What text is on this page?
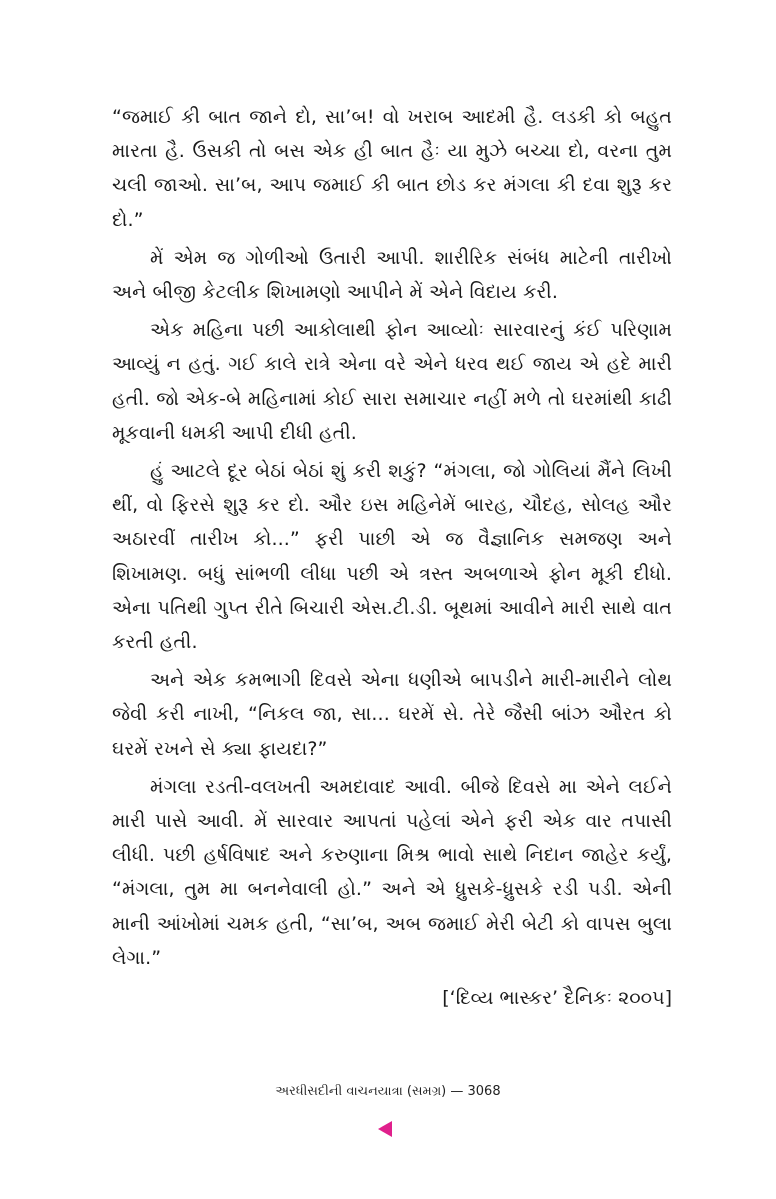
“જમાઈ કી બાત જાને દો, સા’બ! વો ખરાબ આદમી હૈ. લડકી કો બહુત મારતા હૈ. ઉસકી તો બસ એક હી બાત હૈઃ યા મુઝે બચ્ચા દો, વરના તુમ ચલી જાઓ. સા’બ, આપ જમાઈ કી બાત છોડ કર મંગલા કી દવા શુરૂ કર દો.”

મેં એમ જ ગોળીઓ ઉતારી આપી. શારીરિક સંબંધ માટેની તારીખો અને બીજી કેટલીક શિખામણો આપીને મેં એને વિદાય કરી.

એક મહિના પછી આકોલાથી ફોન આવ્યોઃ સારવારનું કંઈ પરિણામ આવ્યું ન હતું. ગઈ કાલે રાત્રે એના વરે એને ધરવ થઈ જાય એ હદે મારી હતી. જો એક-બે મહિનામાં કોઈ સારા સમાચાર નહીં મળે તો ઘરમાંથી કાઢી મૂકવાની ધમકી આપી દીધી હતી.

હું આટલે દૂર બેઠાં બેઠાં શું કરી શકું? “મંગલા, જો ગોલિયાં મૈંને લિખી થીં, વો ફિરસે શુરૂ કર દો. ઔર ઇસ મહિનેમેં બારહ, ચૌદહ, સોલહ ઔર અઠારવીં તારીખ કો...” ફરી પાછી એ જ વૈજ્ઞાનિક સમજણ અને શિખામણ. બધું સાંભળી લીધા પછી એ ત્રસ્ત અબળાએ ફોન મૂકી દીધો. એના પતિથી ગુપ્ત રીતે બિચારી એસ.ટી.ડી. બૂથમાં આવીને મારી સાથે વાત કરતી હતી.

અને એક કમભાગી દિવસે એના ધણીએ બાપડીને મારી-મારીને લોથ જેવી કરી નાખી, “નિકલ જા, સા... ઘરમેં સે. તેરે જૈસી બાંઝ ઔરત કો ઘરમેં રખને સે ક્યા ફાયદા?”

મંગલા રડતી-વલખતી અમદાવાદ આવી. બીજે દિવસે મા એને લઈને મારી પાસે આવી. મેં સારવાર આપતાં પહેલાં એને ફરી એક વાર તપાસી લીધી. પછી હર્ષવિષાદ અને કરુણાના મિશ્ર ભાવો સાથે નિદાન જાહેર કર્યું, “મંગલા, તુમ મા બનનેવાલી હો.” અને એ ધ્રુસકે-ધ્રુસકે રડી પડી. એની માની આંખોમાં ચમક હતી, “સા’બ, અબ જમાઈ મેરી બેટી કો વાપસ બુલા લેગા.”

[‘દિવ્ય ભાસ્કર’ દૈનિકઃ ૨૦૦૫]
અરધીસદીની વાચનયાત્રા (સમગ્ર) — 3068
